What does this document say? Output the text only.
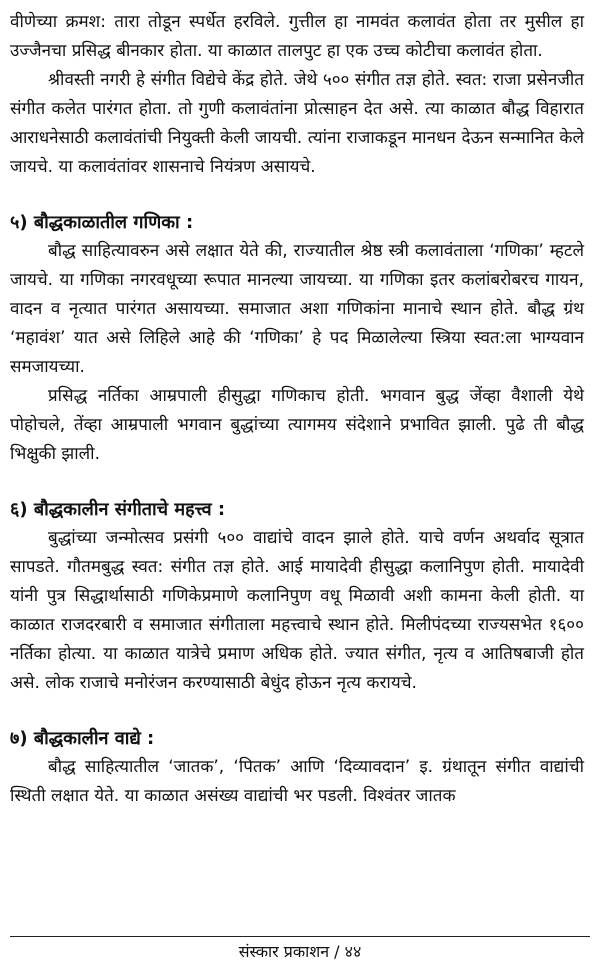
वीणेच्या क्रमश: तारा तोडून स्पर्धेत हरविले. गुत्तील हा नामवंत कलावंत होता तर मुसील हा उज्जैनचा प्रसिद्ध बीनकार होता. या काळात तालपुट हा एक उच्च कोटीचा कलावंत होता.

श्रीवस्ती नगरी हे संगीत विद्येचे केंद्र होते. जेथे ५०० संगीत तज्ञ होते. स्वत: राजा प्रसेनजीत संगीत कलेत पारंगत होता. तो गुणी कलावंतांना प्रोत्साहन देत असे. त्या काळात बौद्ध विहारात आराधनेसाठी कलावंतांची नियुक्ती केली जायची. त्यांना राजाकडून मानधन देऊन सन्मानित केले जायचे. या कलावंतांवर शासनाचे नियंत्रण असायचे.

५) बौद्धकाळातील गणिका :

बौद्ध साहित्यावरुन असे लक्षात येते की, राज्यातील श्रेष्ठ स्त्री कलावंताला ‘गणिका’ म्हटले जायचे. या गणिका नगरवधूच्या रूपात मानल्या जायच्या. या गणिका इतर कलांबरोबरच गायन, वादन व नृत्यात पारंगत असायच्या. समाजात अशा गणिकांना मानाचे स्थान होते. बौद्ध ग्रंथ ‘महावंश’ यात असे लिहिले आहे की ‘गणिका’ हे पद मिळालेल्या स्त्रिया स्वत:ला भाग्यवान समजायच्या.

प्रसिद्ध नर्तिका आम्रपाली हीसुद्धा गणिकाच होती. भगवान बुद्ध जेंव्हा वैशाली येथे पोहोचले, तेंव्हा आम्रपाली भगवान बुद्धांच्या त्यागमय संदेशाने प्रभावित झाली. पुढे ती बौद्ध भिक्षुकी झाली.

६) बौद्धकालीन संगीताचे महत्त्व :

बुद्धांच्या जन्मोत्सव प्रसंगी ५०० वाद्यांचे वादन झाले होते. याचे वर्णन अथर्वाद सूत्रात सापडते. गौतमबुद्ध स्वत: संगीत तज्ञ होते. आई मायादेवी हीसुद्धा कलानिपुण होती. मायादेवी यांनी पुत्र सिद्धार्थासाठी गणिकेप्रमाणे कलानिपुण वधू मिळावी अशी कामना केली होती. या काळात राजदरबारी व समाजात संगीताला महत्त्वाचे स्थान होते. मिलीपंदच्या राज्यसभेत १६०० नर्तिका होत्या. या काळात यात्रेचे प्रमाण अधिक होते. ज्यात संगीत, नृत्य व आतिषबाजी होत असे. लोक राजाचे मनोरंजन करण्यासाठी बेधुंद होऊन नृत्य करायचे.

७) बौद्धकालीन वाद्ये :

बौद्ध साहित्यातील ‘जातक’, ‘पितक’ आणि ‘दिव्यावदान’ इ. ग्रंथातून संगीत वाद्यांची स्थिती लक्षात येते. या काळात असंख्य वाद्यांची भर पडली. विश्वंतर जातक

संस्कार प्रकाशन / ४४
